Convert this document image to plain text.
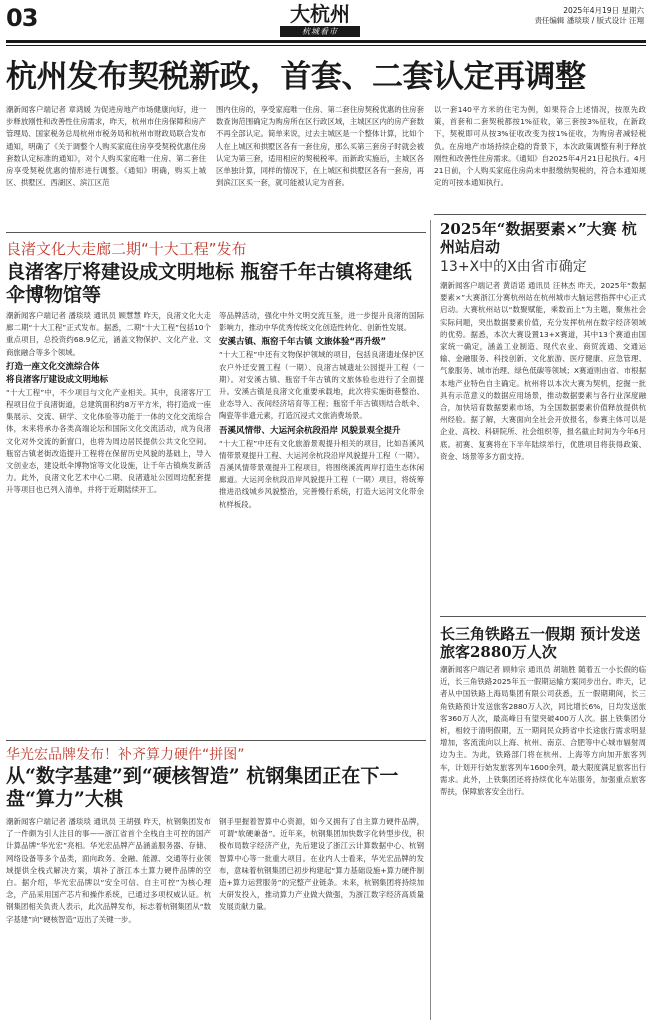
03	大杭州
杭城看市
2025年4月19日 星期六
责任编辑 潘琰琰 / 版式设计 汪翔
杭州发布契税新政，首套、二套认定再调整
潮新闻客户端记者 章鸿媛 为促进房地产市场健康向好，进一步释放刚性和改善性住房需求，昨天，杭州市住房保障和房产管理局、国家税务总局杭州市税务局和杭州市财政局联合发布通知，明确了《关于调整个人购买家庭住房享受契税优惠住房套数认定标准的通知》，对个人购买家庭唯一住房、第二套住房享受契税优惠的情形进行调整。《通知》明确，购买上城区、拱墅区、西湖区、滨江区范
围内住房的，享受家庭唯一住房、第二套住房契税优惠的住房套数查询范围确定为购房所在区行政区域，主城区区内的房产套数不再全部认定。简单来说，过去主城区是一个整体计算，比如个人在上城区和拱墅区各有一套住房，那么买第三套房子时就会被认定为第三套，适用相应的契税税率。而新政实施后，主城区各区单独计算，同样的情况下，在上城区和拱墅区各有一套房，再到滨江区买一套，就可能被认定为首套。
以一套140平方米的住宅为例，如果符合上述情况，按原先政策，首套和二套契税都按1%征收，第三套按3%征收，在新政下，契税即可从按3%征收改变为按1%征收，为购房者减轻税负。在房地产市场持续企稳的背景下，本次政策调整有利于释放刚性和改善性住房需求。《通知》自2025年4月21日起执行。4月21日前，个人购买家庭住房尚未申报缴纳契税的，符合本通知规定的可按本通知执行。
良渚文化大走廊二期“十大工程”发布
良渚客厅将建设成文明地标 瓶窑千年古镇将建纸伞博物馆等
潮新闻客户端记者 潘琰琰 通讯员 顾慧慧 昨天，良渚文化大走廊二期“十大工程”正式发布。据悉，二期“十大工程”包括10个重点项目，总投资约68.9亿元，涵盖文物保护、文化产业、文商旅融合等多个领域。
打造一座文化交流综合体
将良渚客厅建设成文明地标
“十大工程”中，不少项目与文化产业相关。其中，良渚客厅工程项目位于良渚街道，总建筑面积约8万平方米，将打造成一座集展示、交流、研学、文化体验等功能于一体的文化交流综合体，未来将承办各类高端论坛和国际文化交流活动，成为良渚文化对外交流的新窗口，也将为周边居民提供公共文化空间。瓶窑古镇老街改造提升工程将在保留历史风貌的基础上，导入文创业态，建设纸伞博物馆等文化设施，让千年古镇焕发新活力。此外，良渚文化艺术中心二期、良渚遗址公园周边配套提升等项目也已列入清单，并将于近期陆续开工。
等品牌活动，强化中外文明交流互鉴，进一步提升良渚的国际影响力，推动中华优秀传统文化创造性转化、创新性发展。
安溪古镇、瓶窑千年古镇 文旅体验“再升级”
“十大工程”中还有文物保护领域的项目，包括良渚遗址保护区农户外迁安置工程（一期）、良渚古城遗址公园提升工程（一期）。对安溪古镇、瓶窑千年古镇的文旅体验也进行了全面提升。安溪古镇是良渚文化重要承载地，此次将实施街巷整治、业态导入、夜间经济培育等工程；瓶窑千年古镇则结合纸伞、陶瓷等非遗元素，打造沉浸式文旅消费场景。
吾溪风情带、大运河余杭段沿岸 风貌景观全提升
“十大工程”中还有文化旅游景观提升相关的项目，比如吾溪风情带景观提升工程、大运河余杭段沿岸风貌提升工程（一期）。吾溪风情带景观提升工程项目，将围绕溪流两岸打造生态休闲廊道。大运河余杭段沿岸风貌提升工程（一期）项目，将统筹推进沿线城乡风貌整治，完善慢行系统，打造大运河文化带余杭样板段。
2025年“数据要素×”大赛 杭州站启动
13+X中的X由省市确定
潮新闻客户端记者 黄语诺 通讯员 汪林杰 昨天，2025年“数据要素×”大赛浙江分赛杭州站在杭州城市大脑运营指挥中心正式启动。大赛杭州站以“数聚赋能，乘数而上”为主题，聚焦社会实际问题，突出数据要素价值，充分发挥杭州在数字经济领域的优势。据悉，本次大赛设置13+X赛道，其中13个赛道由国家统一确定，涵盖工业制造、现代农业、商贸流通、交通运输、金融服务、科技创新、文化旅游、医疗健康、应急管理、气象服务、城市治理、绿色低碳等领域；X赛道则由省、市根据本地产业特色自主确定。杭州将以本次大赛为契机，挖掘一批具有示范意义的数据应用场景，推动数据要素与各行业深度融合，加快培育数据要素市场，为全国数据要素价值释放提供杭州经验。据了解，大赛面向全社会开放报名，参赛主体可以是企业、高校、科研院所、社会组织等，报名截止时间为今年6月底。初赛、复赛将在下半年陆续举行，优胜项目将获得政策、资金、场景等多方面支持。
长三角铁路五一假期 预计发送旅客2880万人次
潮新闻客户端记者 顾帅宗 通讯员 胡瑞胜 随着五一小长假的临近，长三角铁路2025年五一假期运输方案同步出台。昨天，记者从中国铁路上海局集团有限公司获悉，五一假期期间，长三角铁路预计发送旅客2880万人次，同比增长6%，日均发送旅客360万人次，最高峰日有望突破400万人次。据上铁集团分析，相较于清明假期，五一期间民众跨省中长途旅行需求明显增加，客流流向以上海、杭州、南京、合肥等中心城市辐射周边为主。为此，铁路部门将在杭州、上海等方向加开旅客列车，计划开行始发旅客列车1600余列，最大限度满足旅客出行需求。此外，上铁集团还将持续优化车站服务，加强重点旅客帮扶，保障旅客安全出行。
华光宏品牌发布！补齐算力硬件“拼图”
从“数字基建”到“硬核智造” 杭钢集团正在下一盘“算力”大棋
潮新闻客户端记者 潘琰琰 通讯员 王胡强 昨天，杭钢集团发布了一件颇为引人注目的事——浙江省首个全栈自主可控的国产计算品牌“华光宏”亮相。华光宏品牌产品涵盖服务器、存储、网络设备等多个品类，面向政务、金融、能源、交通等行业领域提供全栈式解决方案，填补了浙江本土算力硬件品牌的空白。据介绍，华光宏品牌以“安全可信、自主可控”为核心理念，产品采用国产芯片和操作系统，已通过多项权威认证。杭钢集团相关负责人表示，此次品牌发布，标志着杭钢集团从“数字基建”向“硬核智造”迈出了关键一步。
钢手里握着智算中心资源，如今又拥有了自主算力硬件品牌，可谓“软硬兼备”。近年来，杭钢集团加快数字化转型步伐，积极布局数字经济产业，先后建设了浙江云计算数据中心、杭钢智算中心等一批重大项目。在业内人士看来，华光宏品牌的发布，意味着杭钢集团已初步构建起“算力基础设施+算力硬件制造+算力运营服务”的完整产业链条。未来，杭钢集团将持续加大研发投入，推动算力产业做大做强，为浙江数字经济高质量发展贡献力量。
